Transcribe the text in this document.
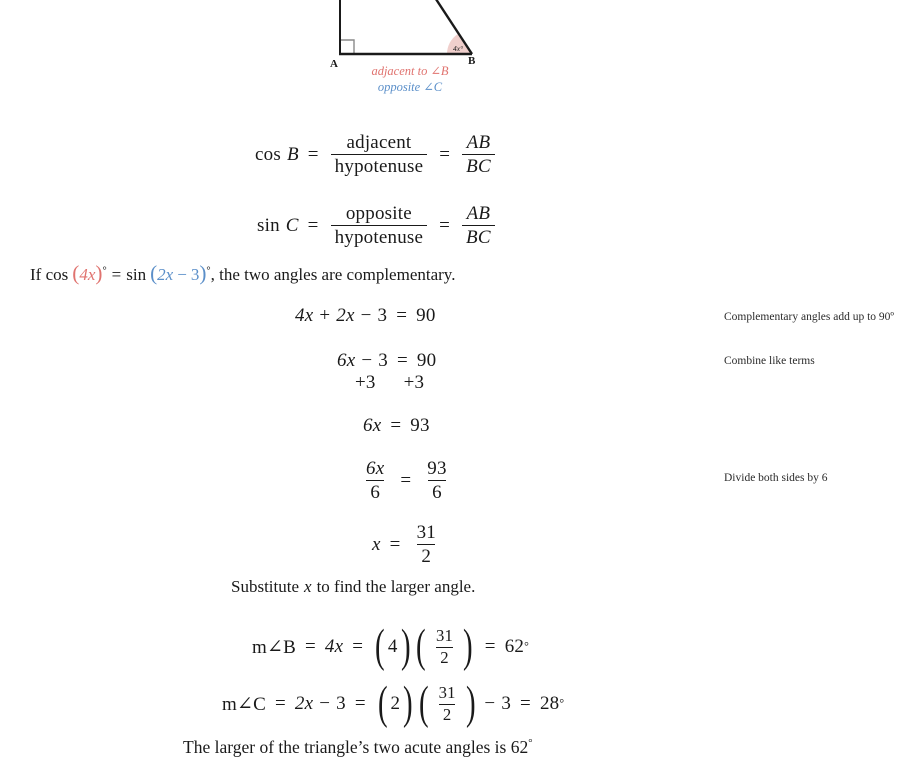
4x°
A	B
adjacent to ∠B
opposite ∠C
$\cos B = \frac{\text{adjacent}}{\text{hypotenuse}} = \frac{AB}{BC}$
$\sin C = \frac{\text{opposite}}{\text{hypotenuse}} = \frac{AB}{BC}$
If cos (4x)° = sin (2x − 3)°, the two angles are complementary.
4x + 2x − 3 = 90	Complementary angles add up to 90º
6x − 3 = 90
+3 +3
Combine like terms
6x = 93
$\frac{6x}{6} = \frac{93}{6}$	Divide both sides by 6
$x = \frac{31}{2}$
Substitute x to find the larger angle.
m∠B = 4x = ( 4 ) ( $\frac{31}{2}$ ) = 62 °
m∠C = 2x − 3 = ( 2 ) ( $\frac{31}{2}$ ) − 3 = 28 °
The larger of the triangle’s two acute angles is 62°
